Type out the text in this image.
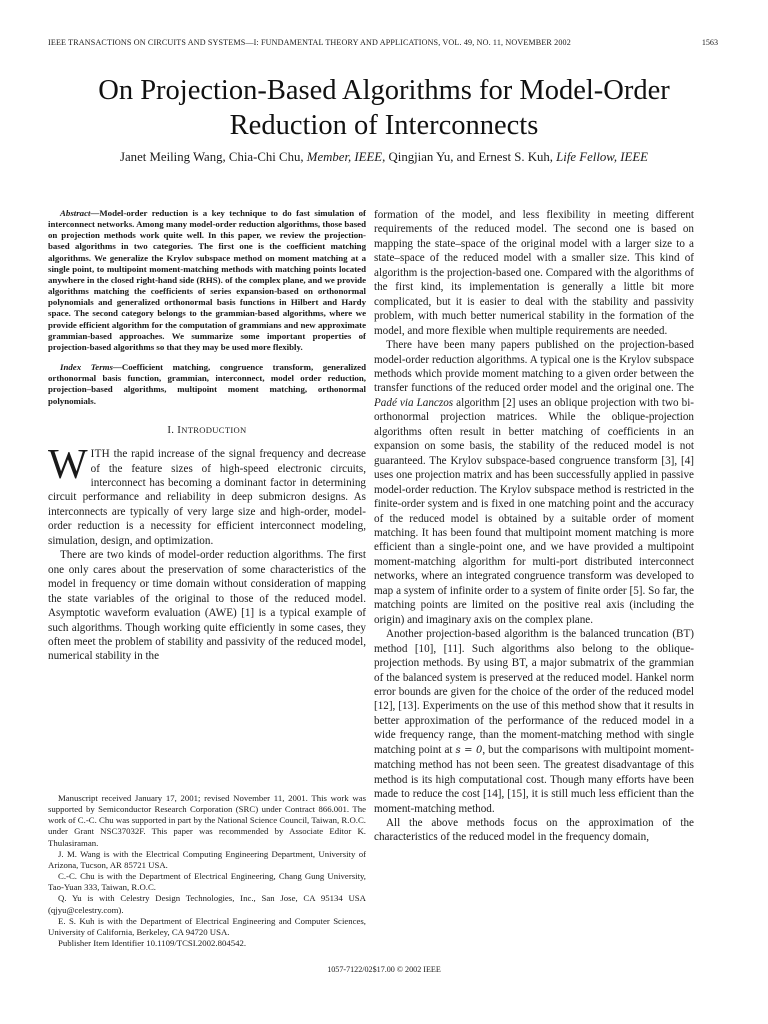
IEEE TRANSACTIONS ON CIRCUITS AND SYSTEMS—I: FUNDAMENTAL THEORY AND APPLICATIONS, VOL. 49, NO. 11, NOVEMBER 2002	1563
On Projection-Based Algorithms for Model-Order
Reduction of Interconnects
Janet Meiling Wang, Chia-Chi Chu, Member, IEEE, Qingjian Yu, and Ernest S. Kuh, Life Fellow, IEEE

Abstract—Model-order reduction is a key technique to do fast simulation of interconnect networks. Among many model-order reduction algorithms, those based on projection methods work quite well. In this paper, we review the projection-based algorithms in two categories. The first one is the coefficient matching algorithms. We generalize the Krylov subspace method on moment matching at a single point, to multipoint moment-matching methods with matching points located anywhere in the closed right-hand side (RHS). of the complex plane, and we provide algorithms matching the coefficients of series expansion-based on orthonormal polynomials and generalized orthonormal basis functions in Hilbert and Hardy space. The second category belongs to the grammian-based algorithms, where we provide efficient algorithm for the computation of grammians and new approximate grammian-based approaches. We summarize some important properties of projection-based algorithms so that they may be used more flexibly.

Index Terms—Coefficient matching, congruence transform, generalized orthonormal basis function, grammian, interconnect, model order reduction, projection–based algorithms, multipoint moment matching, orthonormal polynomials.

I. INTRODUCTION

WITH the rapid increase of the signal frequency and decrease of the feature sizes of high-speed electronic circuits, interconnect has becoming a dominant factor in determining circuit performance and reliability in deep submicron designs. As interconnects are typically of very large size and high-order, model-order reduction is a necessity for efficient interconnect modeling, simulation, design, and optimization.

There are two kinds of model-order reduction algorithms. The first one only cares about the preservation of some characteristics of the model in frequency or time domain without consideration of mapping the state variables of the original to those of the reduced model. Asymptotic waveform evaluation (AWE) [1] is a typical example of such algorithms. Though working quite efficiently in some cases, they often meet the problem of stability and passivity of the reduced model, numerical stability in the

Manuscript received January 17, 2001; revised November 11, 2001. This work was supported by Semiconductor Research Corporation (SRC) under Contract 866.001. The work of C.-C. Chu was supported in part by the National Science Council, Taiwan, R.O.C. under Grant NSC37032F. This paper was recommended by Associate Editor K. Thulasiraman.

J. M. Wang is with the Electrical Computing Engineering Department, University of Arizona, Tucson, AR 85721 USA.

C.-C. Chu is with the Department of Electrical Engineering, Chang Gung University, Tao-Yuan 333, Taiwan, R.O.C.

Q. Yu is with Celestry Design Technologies, Inc., San Jose, CA 95134 USA (qjyu@celestry.com).

E. S. Kuh is with the Department of Electrical Engineering and Computer Sciences, University of California, Berkeley, CA 94720 USA.

Publisher Item Identifier 10.1109/TCSI.2002.804542.

formation of the model, and less flexibility in meeting different requirements of the reduced model. The second one is based on mapping the state–space of the original model with a larger size to a state–space of the reduced model with a smaller size. This kind of algorithm is the projection-based one. Compared with the algorithms of the first kind, its implementation is generally a little bit more complicated, but it is easier to deal with the stability and passivity problem, with much better numerical stability in the formation of the model, and more flexible when multiple requirements are needed.

There have been many papers published on the projection-based model-order reduction algorithms. A typical one is the Krylov subspace methods which provide moment matching to a given order between the transfer functions of the reduced order model and the original one. The Padé via Lanczos algorithm [2] uses an oblique projection with two bi-orthonormal projection matrices. While the oblique-projection algorithms often result in better matching of coefficients in an expansion on some basis, the stability of the reduced model is not guaranteed. The Krylov subspace-based congruence transform [3], [4] uses one projection matrix and has been successfully applied in passive model-order reduction. The Krylov subspace method is restricted in the finite-order system and is fixed in one matching point and the accuracy of the reduced model is obtained by a suitable order of moment matching. It has been found that multipoint moment matching is more efficient than a single-point one, and we have provided a multipoint moment-matching algorithm for multi-port distributed interconnect networks, where an integrated congruence transform was developed to map a system of infinite order to a system of finite order [5]. So far, the matching points are limited on the positive real axis (including the origin) and imaginary axis on the complex plane.

Another projection-based algorithm is the balanced truncation (BT) method [10], [11]. Such algorithms also belong to the oblique-projection methods. By using BT, a major submatrix of the grammian of the balanced system is preserved at the reduced model. Hankel norm error bounds are given for the choice of the order of the reduced model [12], [13]. Experiments on the use of this method show that it results in better approximation of the performance of the reduced model in a wide frequency range, than the moment-matching method with single matching point at s = 0, but the comparisons with multipoint moment-matching method has not been seen. The greatest disadvantage of this method is its high computational cost. Though many efforts have been made to reduce the cost [14], [15], it is still much less efficient than the moment-matching method.

All the above methods focus on the approximation of the characteristics of the reduced model in the frequency domain,

1057-7122/02$17.00 © 2002 IEEE
